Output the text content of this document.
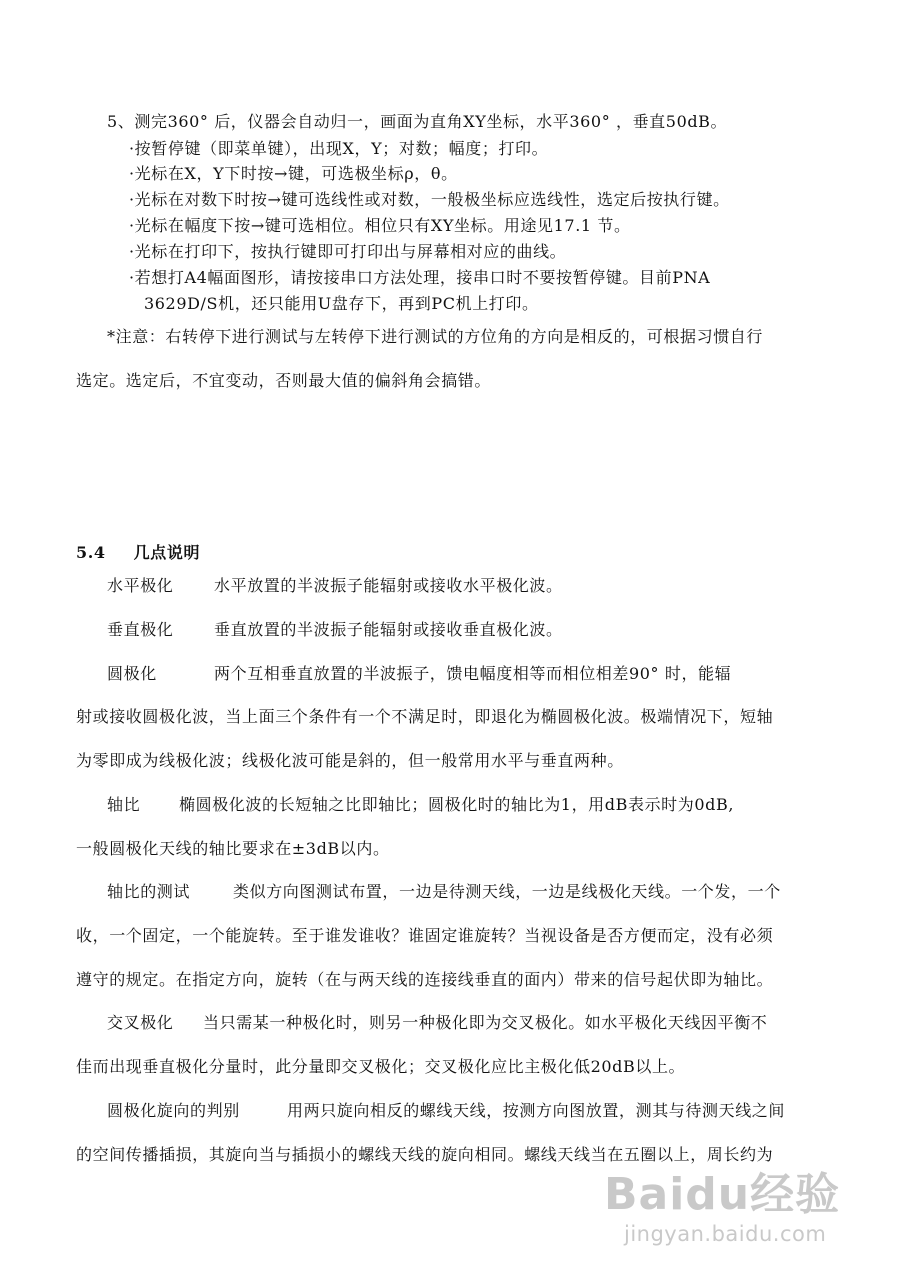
5、测完360° 后，仪器会自动归一，画面为直角XY坐标，水平360° ，垂直50dB。
·按暂停键（即菜单键），出现X，Y；对数；幅度；打印。
·光标在X，Y下时按→键，可选极坐标ρ，θ。
·光标在对数下时按→键可选线性或对数，一般极坐标应选线性，选定后按执行键。
·光标在幅度下按→键可选相位。相位只有XY坐标。用途见17.1 节。
·光标在打印下，按执行键即可打印出与屏幕相对应的曲线。
·若想打A4幅面图形，请按接串口方法处理，接串口时不要按暂停键。目前PNA
3629D/S机，还只能用U盘存下，再到PC机上打印。
*注意：右转停下进行测试与左转停下进行测试的方位角的方向是相反的，可根据习惯自行
选定。选定后，不宜变动，否则最大值的偏斜角会搞错。
5.4 几点说明
水平极化	水平放置的半波振子能辐射或接收水平极化波。
垂直极化	垂直放置的半波振子能辐射或接收垂直极化波。
圆极化	两个互相垂直放置的半波振子，馈电幅度相等而相位相差90° 时，能辐
射或接收圆极化波，当上面三个条件有一个不满足时，即退化为椭圆极化波。极端情况下，短轴
为零即成为线极化波；线极化波可能是斜的，但一般常用水平与垂直两种。
轴比 椭圆极化波的长短轴之比即轴比；圆极化时的轴比为1，用dB表示时为0dB,
一般圆极化天线的轴比要求在±3dB以内。
轴比的测试	类似方向图测试布置，一边是待测天线，一边是线极化天线。一个发，一个
收，一个固定，一个能旋转。至于谁发谁收？谁固定谁旋转？当视设备是否方便而定，没有必须
遵守的规定。在指定方向，旋转（在与两天线的连接线垂直的面内）带来的信号起伏即为轴比。
交叉极化 当只需某一种极化时，则另一种极化即为交叉极化。如水平极化天线因平衡不
佳而出现垂直极化分量时，此分量即交叉极化；交叉极化应比主极化低20dB以上。
圆极化旋向的判别	用两只旋向相反的螺线天线，按测方向图放置，测其与待测天线之间
的空间传播插损，其旋向当与插损小的螺线天线的旋向相同。螺线天线当在五圈以上，周长约为
Baidu经验
jingyan.baidu.com
